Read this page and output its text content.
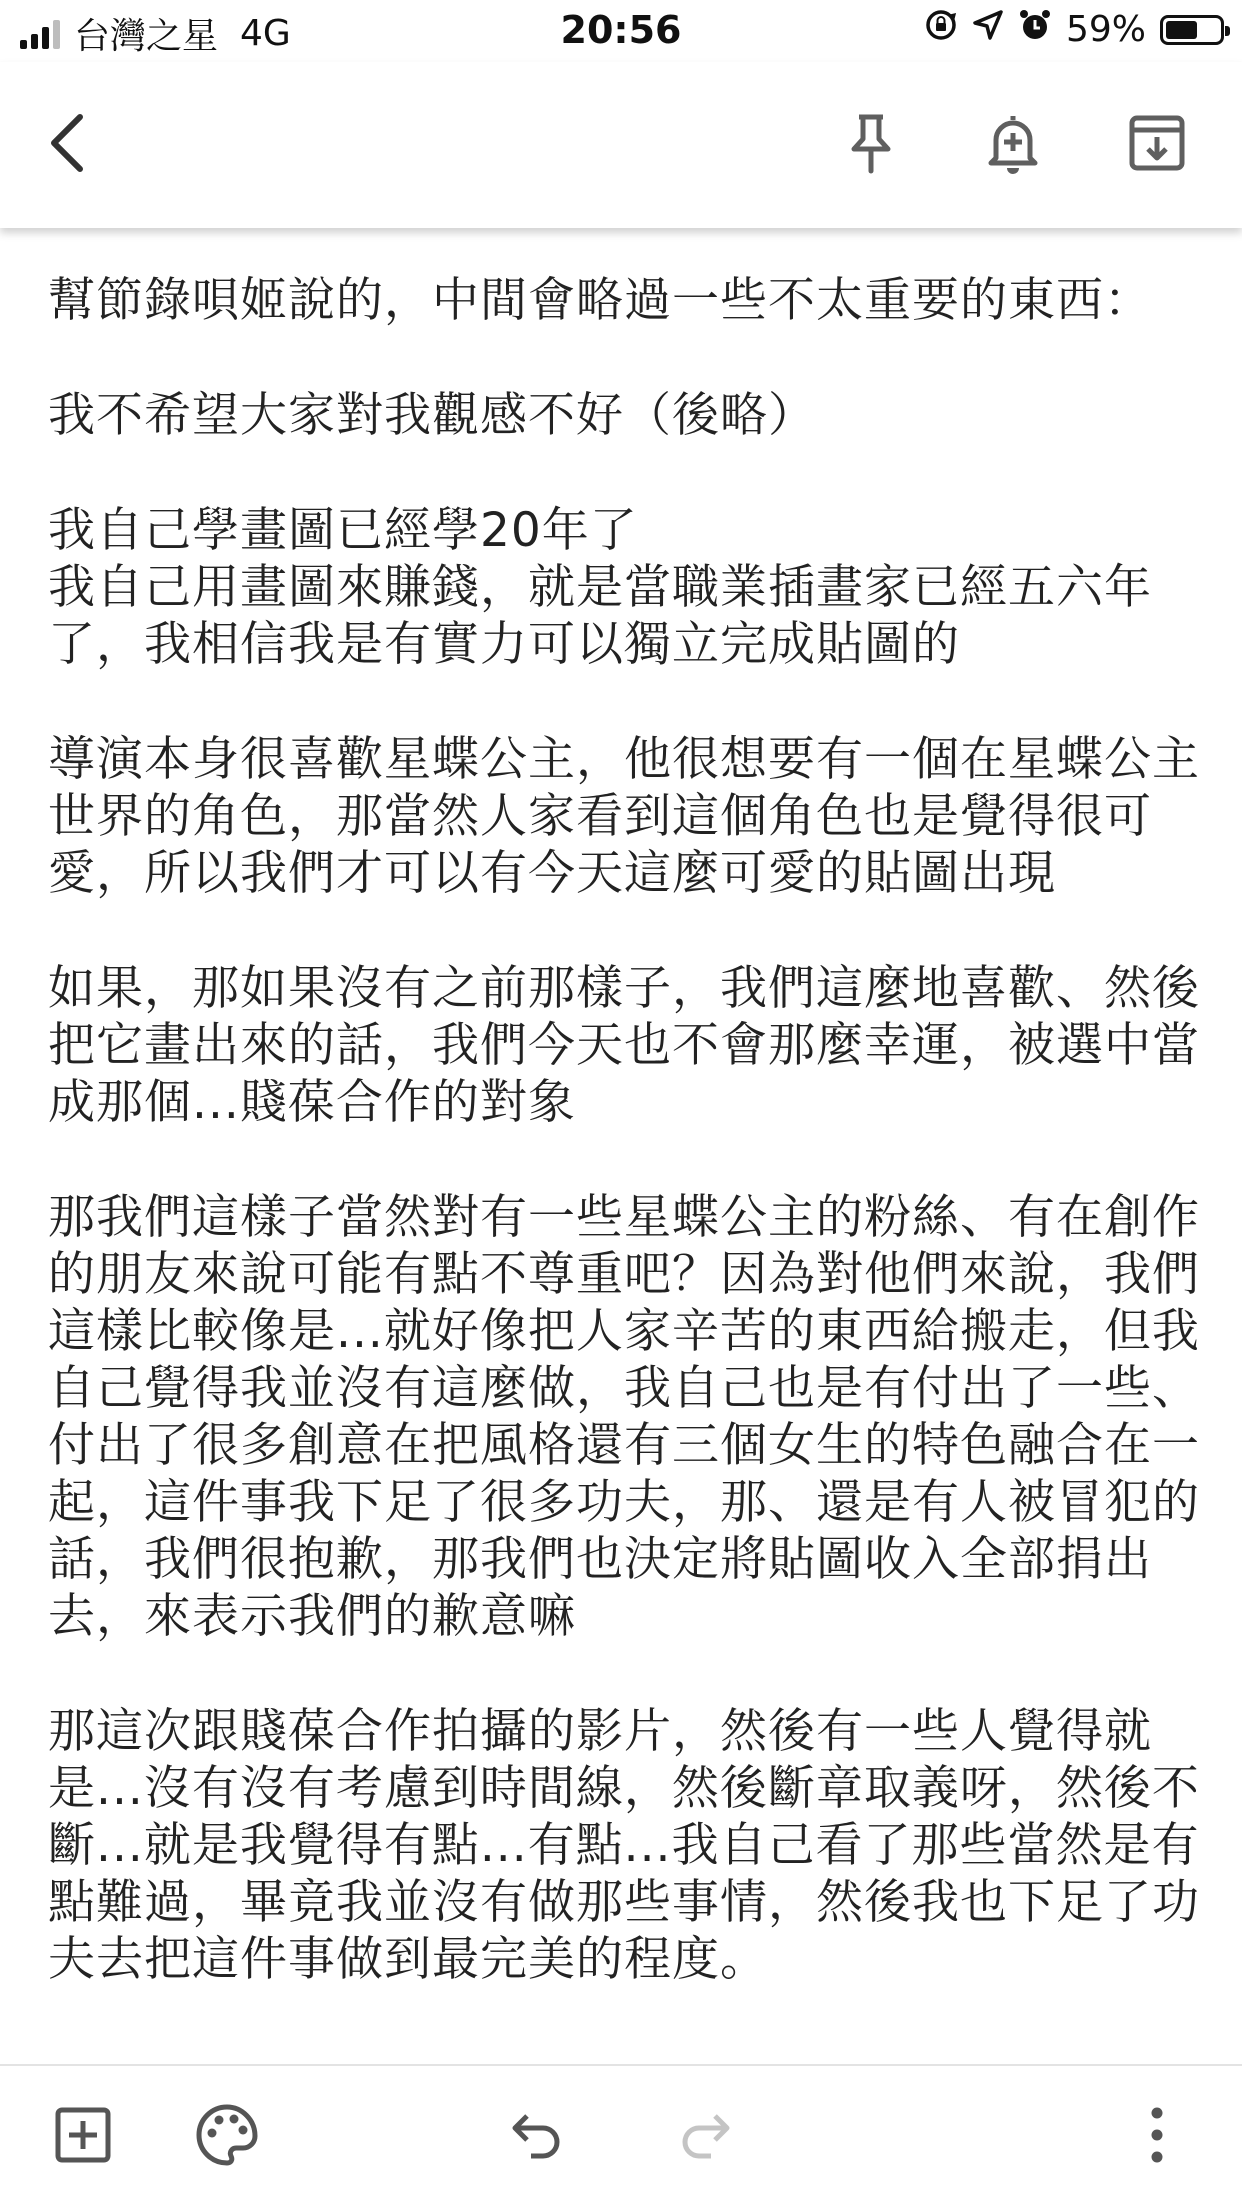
台灣之星 4G	20:56	59%

幫節錄唄姬說的，中間會略過一些不太重要的東西：

我不希望大家對我觀感不好（後略）

我自己學畫圖已經學20年了
我自己用畫圖來賺錢，就是當職業插畫家已經五六年了，我相信我是有實力可以獨立完成貼圖的

導演本身很喜歡星蝶公主，他很想要有一個在星蝶公主世界的角色，那當然人家看到這個角色也是覺得很可愛，所以我們才可以有今天這麼可愛的貼圖出現

如果，那如果沒有之前那樣子，我們這麼地喜歡、然後把它畫出來的話，我們今天也不會那麼幸運，被選中當成那個...賤葆合作的對象

那我們這樣子當然對有一些星蝶公主的粉絲、有在創作的朋友來說可能有點不尊重吧？因為對他們來說，我們這樣比較像是...就好像把人家辛苦的東西給搬走，但我自己覺得我並沒有這麼做，我自己也是有付出了一些、付出了很多創意在把風格還有三個女生的特色融合在一起，這件事我下足了很多功夫，那、還是有人被冒犯的話，我們很抱歉，那我們也決定將貼圖收入全部捐出去，來表示我們的歉意嘛

那這次跟賤葆合作拍攝的影片，然後有一些人覺得就是...沒有沒有考慮到時間線，然後斷章取義呀，然後不斷...就是我覺得有點...有點...我自己看了那些當然是有點難過，畢竟我並沒有做那些事情，然後我也下足了功夫去把這件事做到最完美的程度。
